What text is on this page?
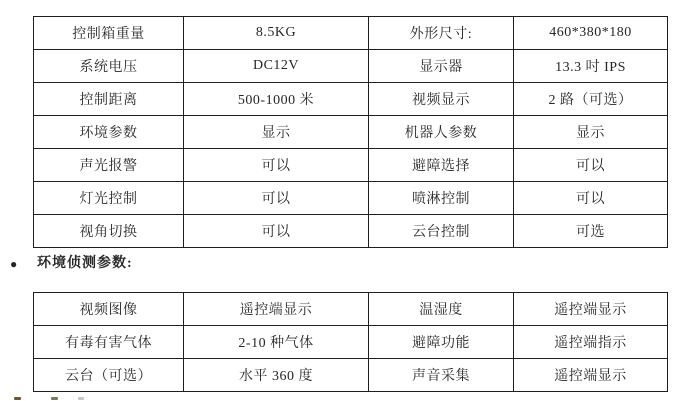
控制箱重量	8.5KG	外形尺寸:	460*380*180
系统电压	DC12V	显示器	13.3 吋 IPS
控制距离	500-1000 米	视频显示	2 路（可选）
环境参数	显示	机器人参数	显示
声光报警	可以	避障选择	可以
灯光控制	可以	喷淋控制	可以
视角切换	可以	云台控制	可选
● 环境侦测参数:
视频图像	遥控端显示	温湿度	遥控端显示
有毒有害气体	2-10 种气体	避障功能	遥控端指示
云台（可选）	水平 360 度	声音采集	遥控端显示
